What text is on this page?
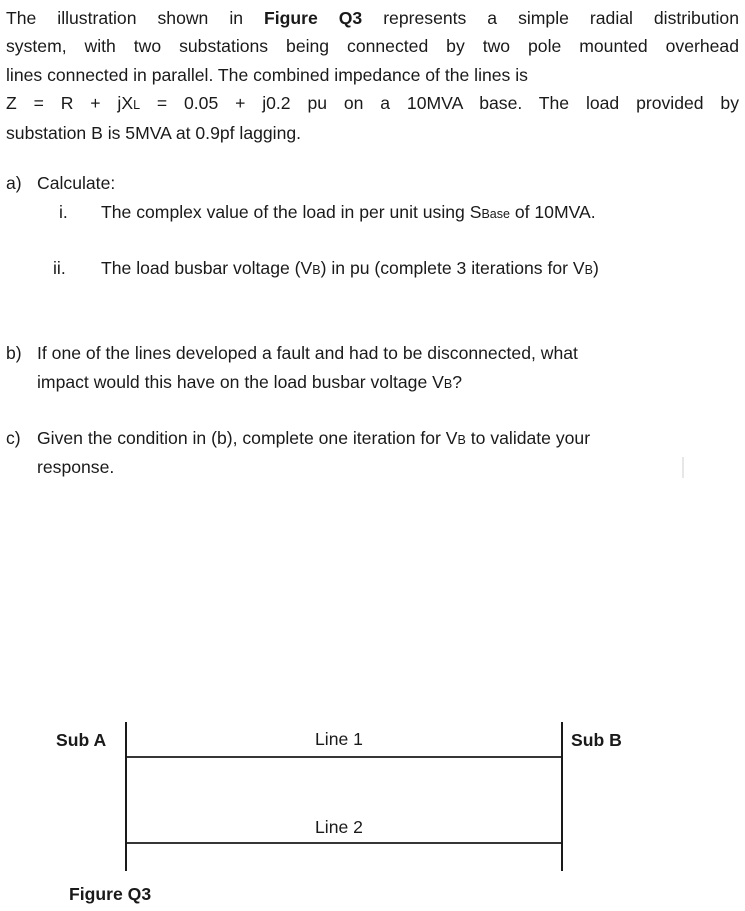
The illustration shown in Figure Q3 represents a simple radial distribution
system, with two substations being connected by two pole mounted overhead
lines connected in parallel. The combined impedance of the lines is
Z = R + jXL = 0.05 + j0.2 pu on a 10MVA base. The load provided by
substation B is 5MVA at 0.9pf lagging.
a) Calculate:
i. The complex value of the load in per unit using SBase of 10MVA.
ii. The load busbar voltage (VB) in pu (complete 3 iterations for VB)
b) If one of the lines developed a fault and had to be disconnected, what
impact would this have on the load busbar voltage VB?
c) Given the condition in (b), complete one iteration for VB to validate your
response.
Sub A	Sub B
Line 1
Line 2
Figure Q3
